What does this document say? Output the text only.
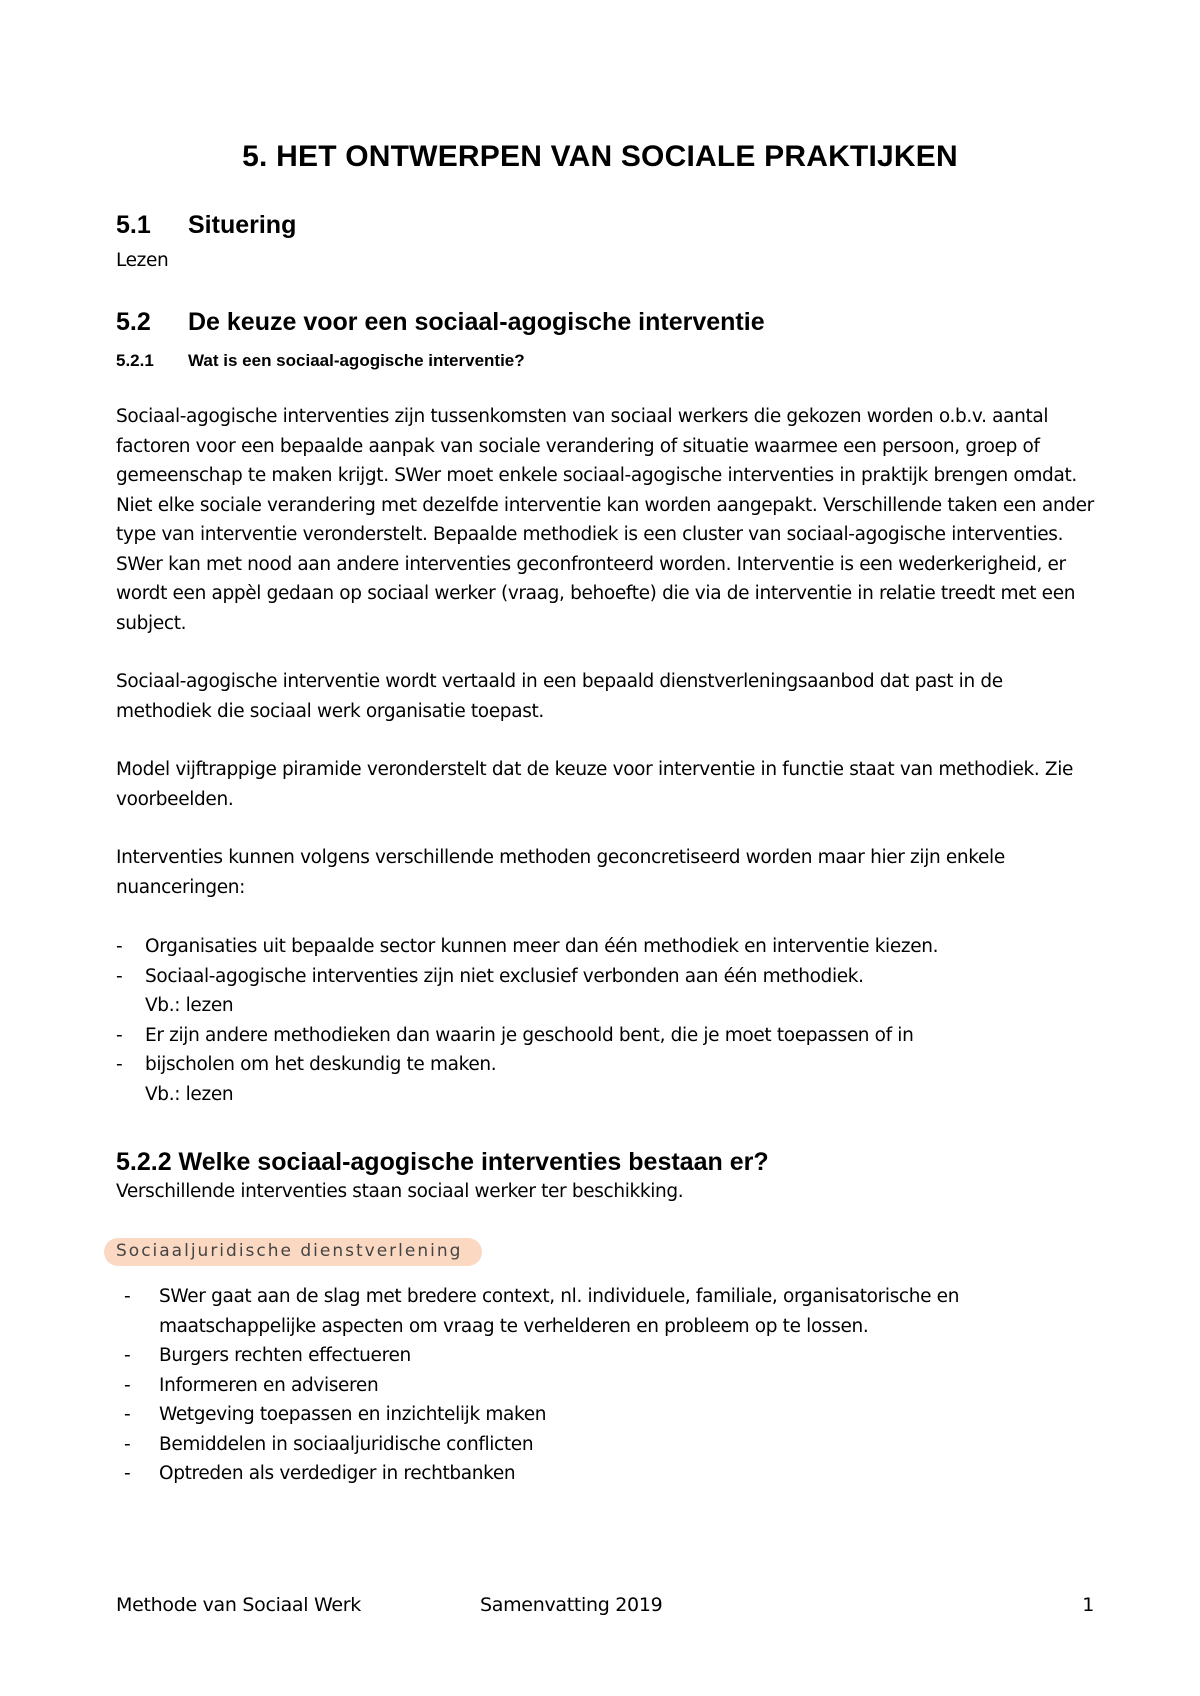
5. HET ONTWERPEN VAN SOCIALE PRAKTIJKEN
5.1 Situering
Lezen
5.2 De keuze voor een sociaal-agogische interventie
5.2.1 Wat is een sociaal-agogische interventie?
Sociaal-agogische interventies zijn tussenkomsten van sociaal werkers die gekozen worden o.b.v. aantal factoren voor een bepaalde aanpak van sociale verandering of situatie waarmee een persoon, groep of gemeenschap te maken krijgt. SWer moet enkele sociaal-agogische interventies in praktijk brengen omdat. Niet elke sociale verandering met dezelfde interventie kan worden aangepakt. Verschillende taken een ander type van interventie veronderstelt. Bepaalde methodiek is een cluster van sociaal-agogische interventies. SWer kan met nood aan andere interventies geconfronteerd worden. Interventie is een wederkerigheid, er wordt een appèl gedaan op sociaal werker (vraag, behoefte) die via de interventie in relatie treedt met een subject.
Sociaal-agogische interventie wordt vertaald in een bepaald dienstverleningsaanbod dat past in de methodiek die sociaal werk organisatie toepast.
Model vijftrappige piramide veronderstelt dat de keuze voor interventie in functie staat van methodiek. Zie voorbeelden.
Interventies kunnen volgens verschillende methoden geconcretiseerd worden maar hier zijn enkele nuanceringen:
- Organisaties uit bepaalde sector kunnen meer dan één methodiek en interventie kiezen.
- Sociaal-agogische interventies zijn niet exclusief verbonden aan één methodiek.
Vb.: lezen
- Er zijn andere methodieken dan waarin je geschoold bent, die je moet toepassen of in
- bijscholen om het deskundig te maken.
Vb.: lezen
5.2.2 Welke sociaal-agogische interventies bestaan er?
Verschillende interventies staan sociaal werker ter beschikking.
Sociaaljuridische dienstverlening
- SWer gaat aan de slag met bredere context, nl. individuele, familiale, organisatorische en maatschappelijke aspecten om vraag te verhelderen en probleem op te lossen.
- Burgers rechten effectueren
- Informeren en adviseren
- Wetgeving toepassen en inzichtelijk maken
- Bemiddelen in sociaaljuridische conflicten
- Optreden als verdediger in rechtbanken
Methode van Sociaal Werk	Samenvatting 2019	1
